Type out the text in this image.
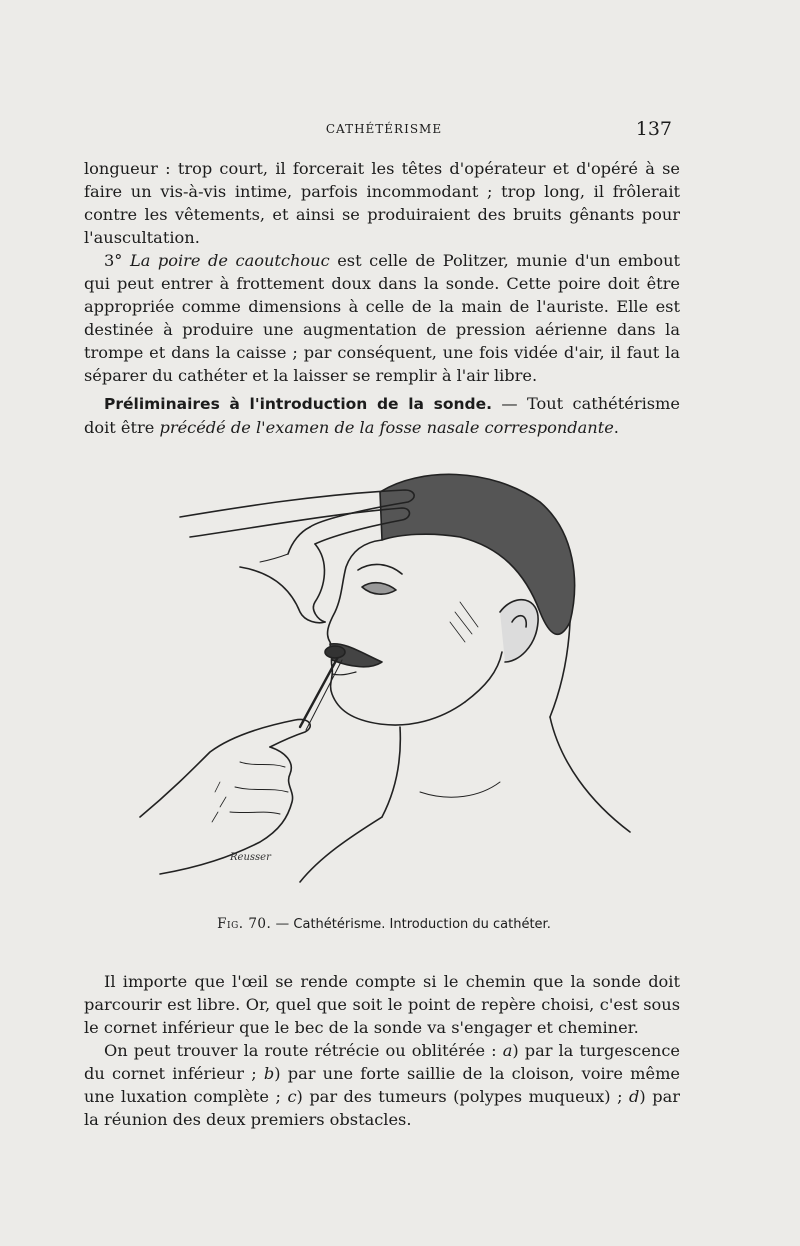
CATHÉTÉRISME	137

longueur : trop court, il forcerait les têtes d'opérateur et d'opéré à se faire un vis-à-vis intime, parfois incommodant ; trop long, il frôlerait contre les vêtements, et ainsi se produiraient des bruits gênants pour l'auscultation.

3° La poire de caoutchouc est celle de Politzer, munie d'un embout qui peut entrer à frottement doux dans la sonde. Cette poire doit être appropriée comme dimensions à celle de la main de l'auriste. Elle est destinée à produire une augmentation de pression aérienne dans la trompe et dans la caisse ; par conséquent, une fois vidée d'air, il faut la séparer du cathéter et la laisser se remplir à l'air libre.

Préliminaires à l'introduction de la sonde. — Tout cathétérisme doit être précédé de l'examen de la fosse nasale correspondante.

Reusser
Fig. 70. — Cathétérisme. Introduction du cathéter.

Il importe que l'œil se rende compte si le chemin que la sonde doit parcourir est libre. Or, quel que soit le point de repère choisi, c'est sous le cornet inférieur que le bec de la sonde va s'engager et cheminer.

On peut trouver la route rétrécie ou oblitérée : a) par la turgescence du cornet inférieur ; b) par une forte saillie de la cloison, voire même une luxation complète ; c) par des tumeurs (polypes muqueux) ; d) par la réunion des deux premiers obstacles.
